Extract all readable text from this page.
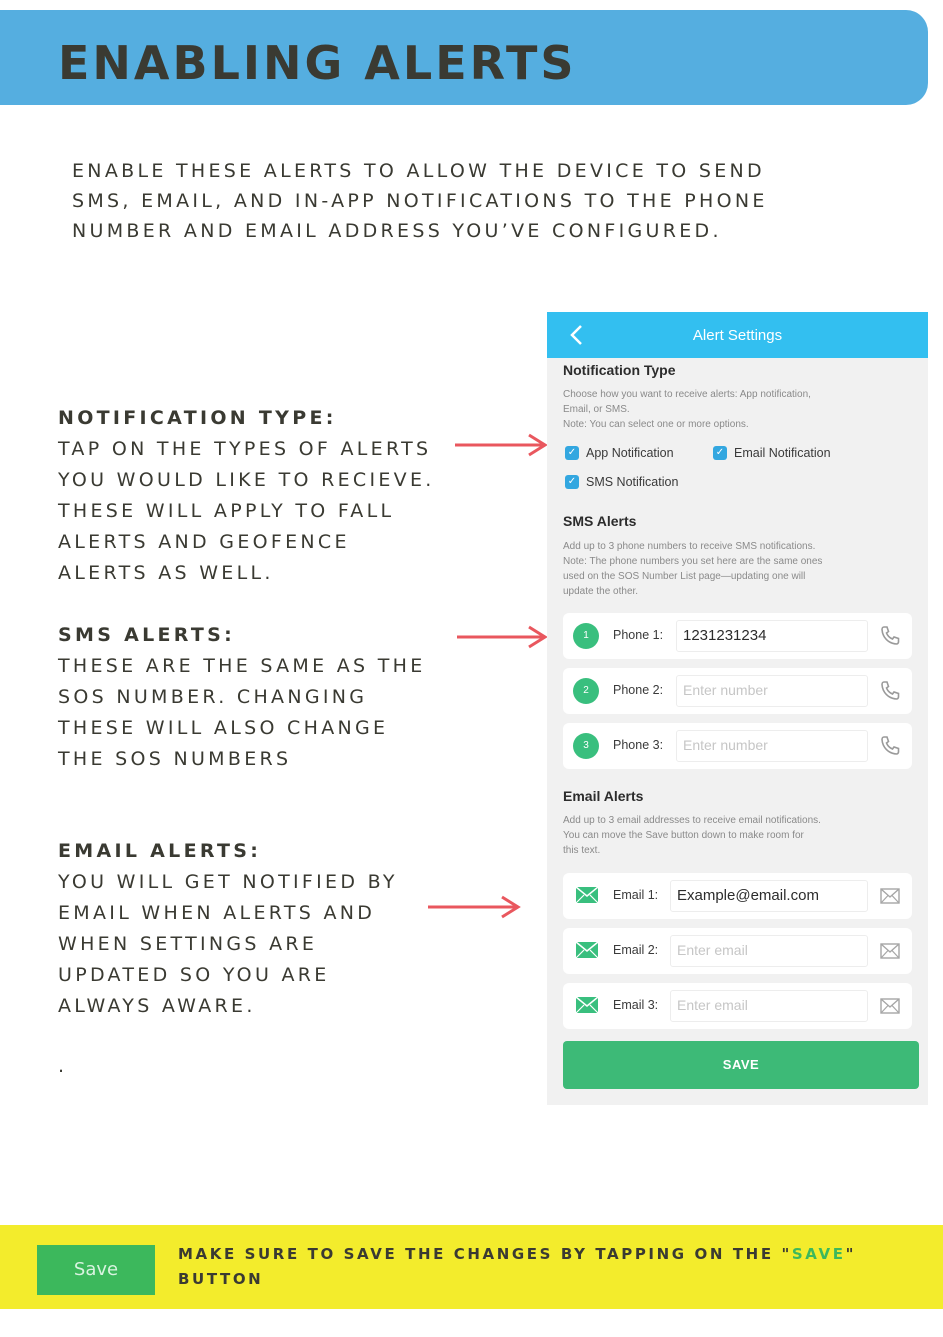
ENABLING ALERTS

ENABLE THESE ALERTS TO ALLOW THE DEVICE TO SEND

SMS, EMAIL, AND IN-APP NOTIFICATIONS TO THE PHONE

NUMBER AND EMAIL ADDRESS YOU’VE CONFIGURED.

NOTIFICATION TYPE:

TAP ON THE TYPES OF ALERTS

YOU WOULD LIKE TO RECIEVE.

THESE WILL APPLY TO FALL

ALERTS AND GEOFENCE

ALERTS AS WELL.

SMS ALERTS:

THESE ARE THE SAME AS THE

SOS NUMBER. CHANGING

THESE WILL ALSO CHANGE

THE SOS NUMBERS

EMAIL ALERTS:

YOU WILL GET NOTIFIED BY

EMAIL WHEN ALERTS AND

WHEN SETTINGS ARE

UPDATED SO YOU ARE

ALWAYS AWARE.

.
Alert Settings
Notification Type
Choose how you want to receive alerts: App notification,
Email, or SMS.
Note: You can select one or more options.
✓ App Notification	✓ Email Notification
✓ SMS Notification
SMS Alerts
Add up to 3 phone numbers to receive SMS notifications.
Note: The phone numbers you set here are the same ones
used on the SOS Number List page—updating one will
update the other.
1	Phone 1:	1231231234
2	Phone 2:	Enter number
3	Phone 3:	Enter number
Email Alerts
Add up to 3 email addresses to receive email notifications.
You can move the Save button down to make room for
this text.
Email 1:	Example@email.com
Email 2:	Enter email
Email 3:	Enter email
SAVE
Save

MAKE SURE TO SAVE THE CHANGES BY TAPPING ON THE "SAVE"

BUTTON
